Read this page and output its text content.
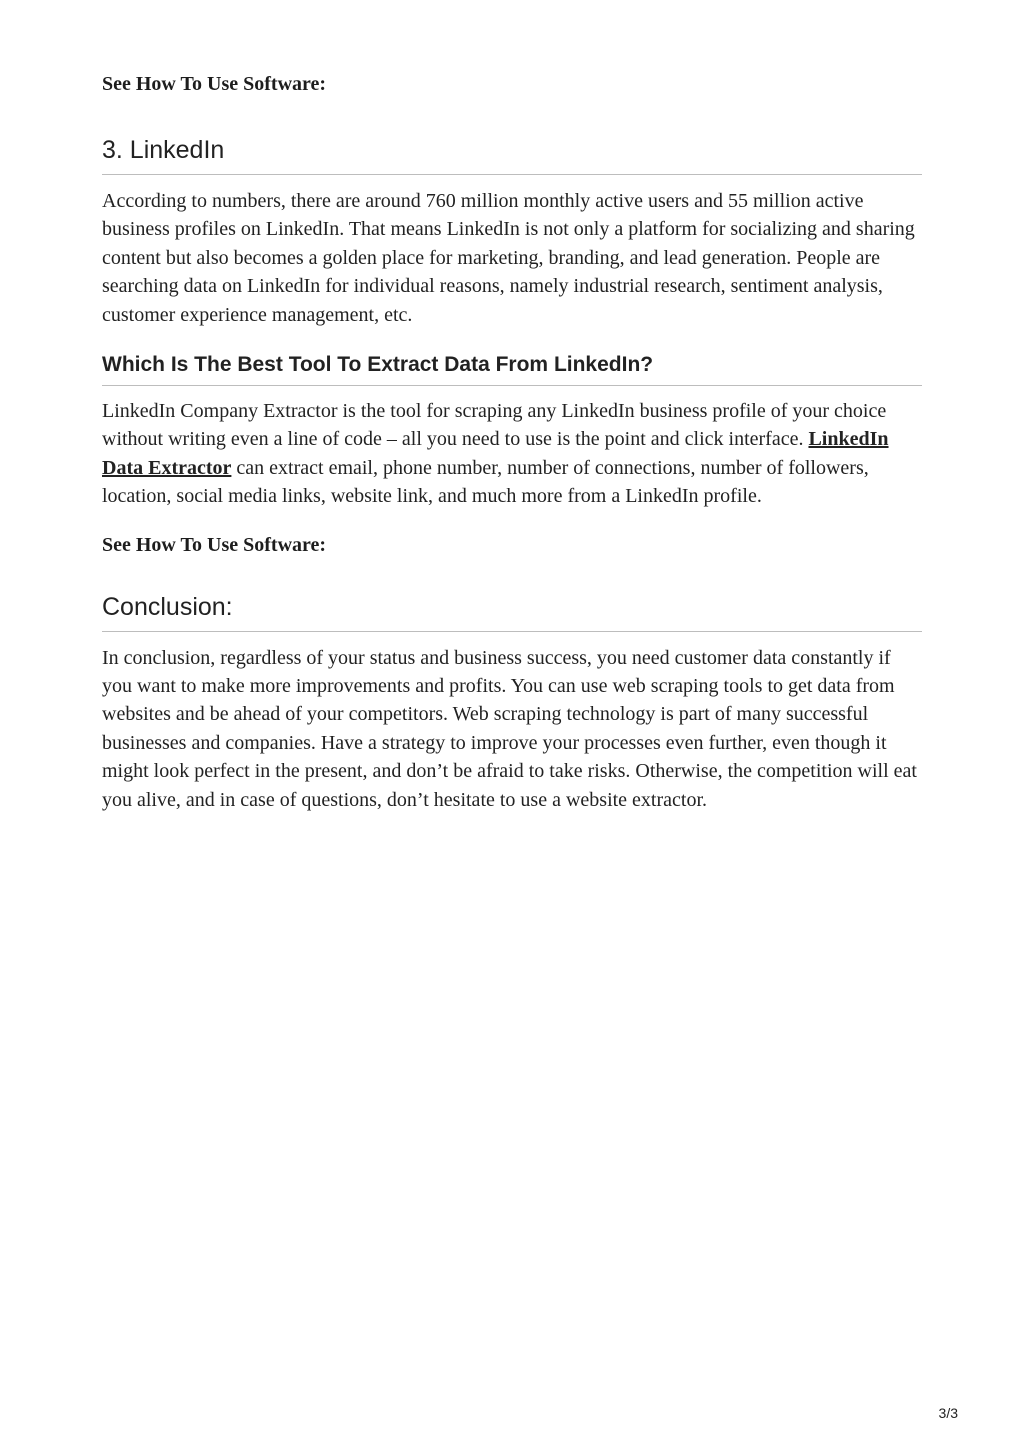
See How To Use Software:

3. LinkedIn

According to numbers, there are around 760 million monthly active users and 55 million active business profiles on LinkedIn. That means LinkedIn is not only a platform for socializing and sharing content but also becomes a golden place for marketing, branding, and lead generation. People are searching data on LinkedIn for individual reasons, namely industrial research, sentiment analysis, customer experience management, etc.

Which Is The Best Tool To Extract Data From LinkedIn?

LinkedIn Company Extractor is the tool for scraping any LinkedIn business profile of your choice without writing even a line of code – all you need to use is the point and click interface. LinkedIn Data Extractor can extract email, phone number, number of connections, number of followers, location, social media links, website link, and much more from a LinkedIn profile.

See How To Use Software:

Conclusion:

In conclusion, regardless of your status and business success, you need customer data constantly if you want to make more improvements and profits. You can use web scraping tools to get data from websites and be ahead of your competitors. Web scraping technology is part of many successful businesses and companies. Have a strategy to improve your processes even further, even though it might look perfect in the present, and don’t be afraid to take risks. Otherwise, the competition will eat you alive, and in case of questions, don’t hesitate to use a website extractor.

3/3
